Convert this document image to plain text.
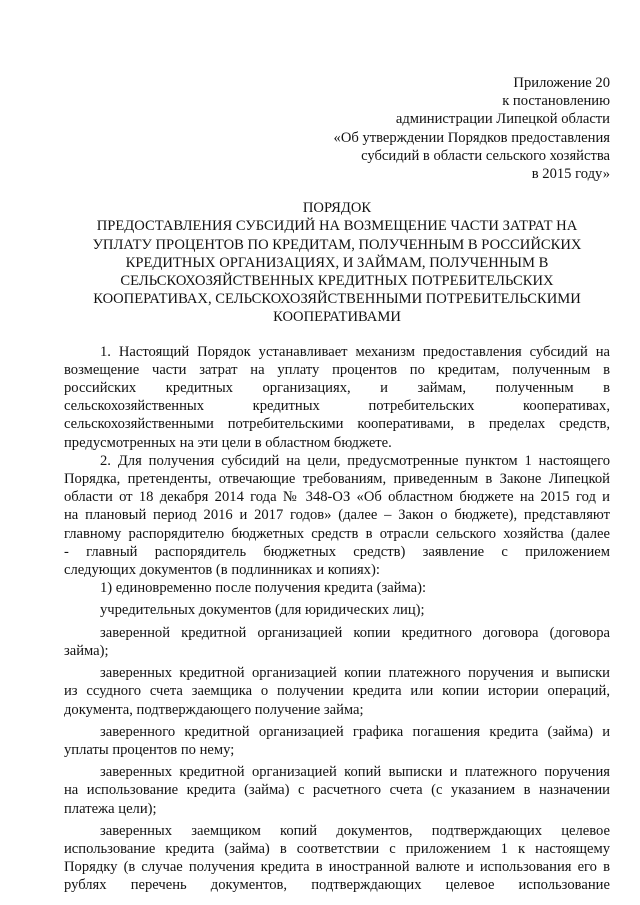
Приложение 20
к постановлению
администрации Липецкой области
«Об утверждении Порядков предоставления
субсидий в области сельского хозяйства
в 2015 году»
ПОРЯДОК
ПРЕДОСТАВЛЕНИЯ СУБСИДИЙ НА ВОЗМЕЩЕНИЕ ЧАСТИ ЗАТРАТ НА
УПЛАТУ ПРОЦЕНТОВ ПО КРЕДИТАМ, ПОЛУЧЕННЫМ В РОССИЙСКИХ
КРЕДИТНЫХ ОРГАНИЗАЦИЯХ, И ЗАЙМАМ, ПОЛУЧЕННЫМ В
СЕЛЬСКОХОЗЯЙСТВЕННЫХ КРЕДИТНЫХ ПОТРЕБИТЕЛЬСКИХ
КООПЕРАТИВАХ, СЕЛЬСКОХОЗЯЙСТВЕННЫМИ ПОТРЕБИТЕЛЬСКИМИ
КООПЕРАТИВАМИ
1. Настоящий Порядок устанавливает механизм предоставления субсидий на
возмещение части затрат на уплату процентов по кредитам, полученным в
российских кредитных организациях, и займам, полученным в
сельскохозяйственных	кредитных	потребительских	кооперативах,
сельскохозяйственными потребительскими кооперативами, в пределах средств,
предусмотренных на эти цели в областном бюджете.
2. Для получения субсидий на цели, предусмотренные пунктом 1 настоящего
Порядка, претенденты, отвечающие требованиям, приведенным в Законе Липецкой
области от 18 декабря 2014 года № 348-ОЗ «Об областном бюджете на 2015 год и
на плановый период 2016 и 2017 годов» (далее – Закон о бюджете), представляют
главному распорядителю бюджетных средств в отрасли сельского хозяйства (далее
- главный распорядитель бюджетных средств) заявление с приложением
следующих документов (в подлинниках и копиях):
1) единовременно после получения кредита (займа):
учредительных документов (для юридических лиц);
заверенной кредитной организацией копии кредитного договора (договора
займа);
заверенных кредитной организацией копии платежного поручения и выписки
из ссудного счета заемщика о получении кредита или копии истории операций,
документа, подтверждающего получение займа;
заверенного кредитной организацией графика погашения кредита (займа) и
уплаты процентов по нему;
заверенных кредитной организацией копий выписки и платежного поручения
на использование кредита (займа) с расчетного счета (с указанием в назначении
платежа цели);
заверенных заемщиком копий документов, подтверждающих целевое
использование кредита (займа) в соответствии с приложением 1 к настоящему
Порядку (в случае получения кредита в иностранной валюте и использования его в
рублях перечень документов, подтверждающих целевое использование
